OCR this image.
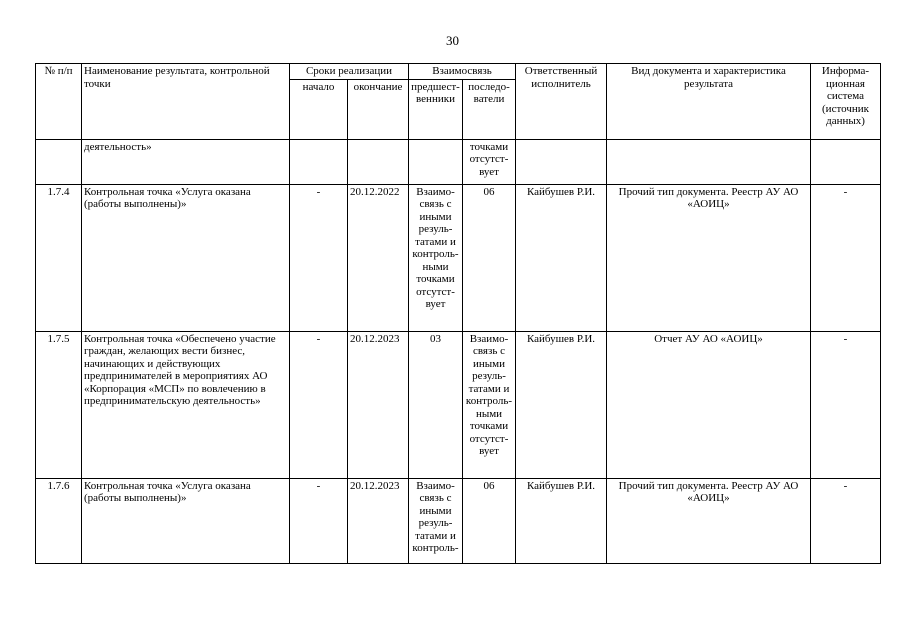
30
№ п/п	Наименование результата, контрольной точки	Сроки реализации		Взаимосвязь		Ответственный исполнитель	Вид документа и характеристика результата	Информа-ционная система (источник данных)
		начало	окончание	предшест-венники	последо-ватели			
	деятельность»				точками отсутст-вует			
1.7.4	Контрольная точка «Услуга оказана (работы выполнены)»	-	20.12.2022	Взаимо-связь с иными резуль-татами и контроль-ными точками отсутст-вует	06	Кайбушев Р.И.	Прочий тип документа. Реестр АУ АО «АОИЦ»	-
1.7.5	Контрольная точка «Обеспечено участие граждан, желающих вести бизнес, начинающих и действующих предпринимателей в мероприятиях АО «Корпорация «МСП» по вовлечению в предпринимательскую деятельность»	-	20.12.2023	03	Взаимо-связь с иными резуль-татами и контроль-ными точками отсутст-вует	Кайбушев Р.И.	Отчет АУ АО «АОИЦ»	-
1.7.6	Контрольная точка «Услуга оказана (работы выполнены)»	-	20.12.2023	Взаимо-связь с иными резуль-татами и контроль-	06	Кайбушев Р.И.	Прочий тип документа. Реестр АУ АО «АОИЦ»	-
